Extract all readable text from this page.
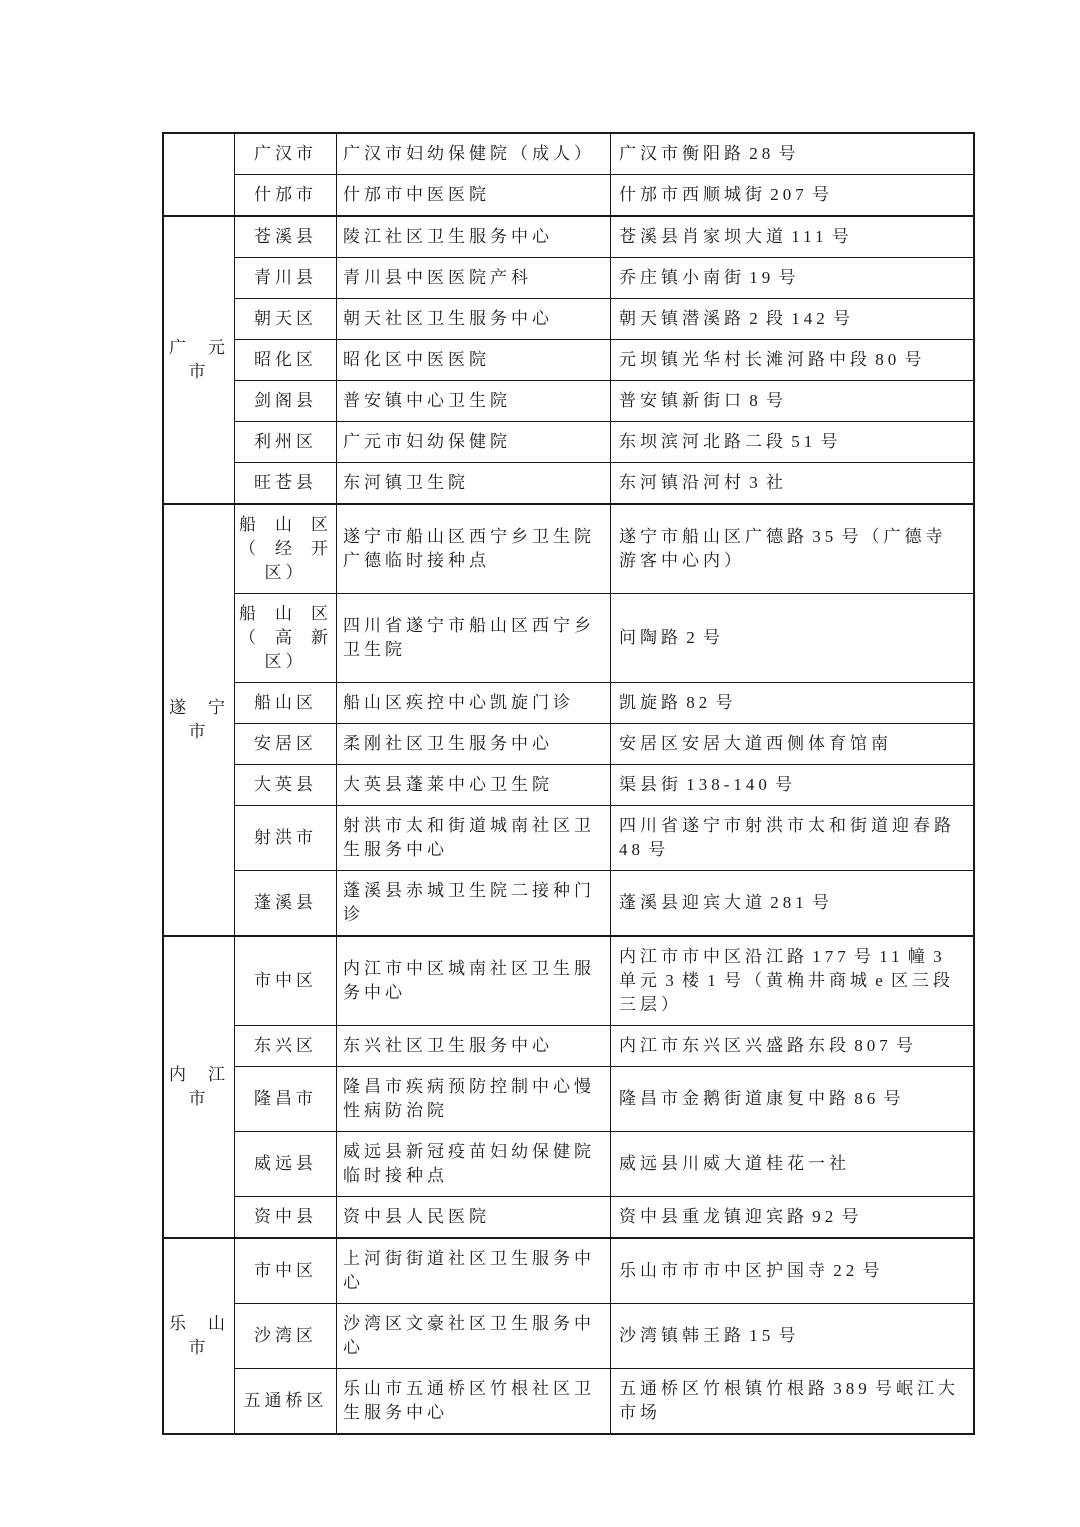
	广汉市	广汉市妇幼保健院（成人）	广汉市衡阳路 28 号
	什邡市	什邡市中医医院	什邡市西顺城街 207 号
广元市	苍溪县	陵江社区卫生服务中心	苍溪县肖家坝大道 111 号
	青川县	青川县中医医院产科	乔庄镇小南街 19 号
	朝天区	朝天社区卫生服务中心	朝天镇潜溪路 2 段 142 号
	昭化区	昭化区中医医院	元坝镇光华村长滩河路中段 80 号
	剑阁县	普安镇中心卫生院	普安镇新街口 8 号
	利州区	广元市妇幼保健院	东坝滨河北路二段 51 号
	旺苍县	东河镇卫生院	东河镇沿河村 3 社
遂宁市	船山区（经开区）	遂宁市船山区西宁乡卫生院广德临时接种点	遂宁市船山区广德路 35 号（广德寺游客中心内）
	船山区（高新区）	四川省遂宁市船山区西宁乡卫生院	问陶路 2 号
	船山区	船山区疾控中心凯旋门诊	凯旋路 82 号
	安居区	柔刚社区卫生服务中心	安居区安居大道西侧体育馆南
	大英县	大英县蓬莱中心卫生院	渠县街 138-140 号
	射洪市	射洪市太和街道城南社区卫生服务中心	四川省遂宁市射洪市太和街道迎春路 48 号
	蓬溪县	蓬溪县赤城卫生院二接种门诊	蓬溪县迎宾大道 281 号
内江市	市中区	内江市中区城南社区卫生服务中心	内江市市中区沿江路 177 号 11 幢 3 单元 3 楼 1 号（黄桷井商城 e 区三段三层）
	东兴区	东兴社区卫生服务中心	内江市东兴区兴盛路东段 807 号
	隆昌市	隆昌市疾病预防控制中心慢性病防治院	隆昌市金鹅街道康复中路 86 号
	威远县	威远县新冠疫苗妇幼保健院临时接种点	威远县川威大道桂花一社
	资中县	资中县人民医院	资中县重龙镇迎宾路 92 号
乐山市	市中区	上河街街道社区卫生服务中心	乐山市市市中区护国寺 22 号
	沙湾区	沙湾区文豪社区卫生服务中心	沙湾镇韩王路 15 号
	五通桥区	乐山市五通桥区竹根社区卫生服务中心	五通桥区竹根镇竹根路 389 号岷江大市场
